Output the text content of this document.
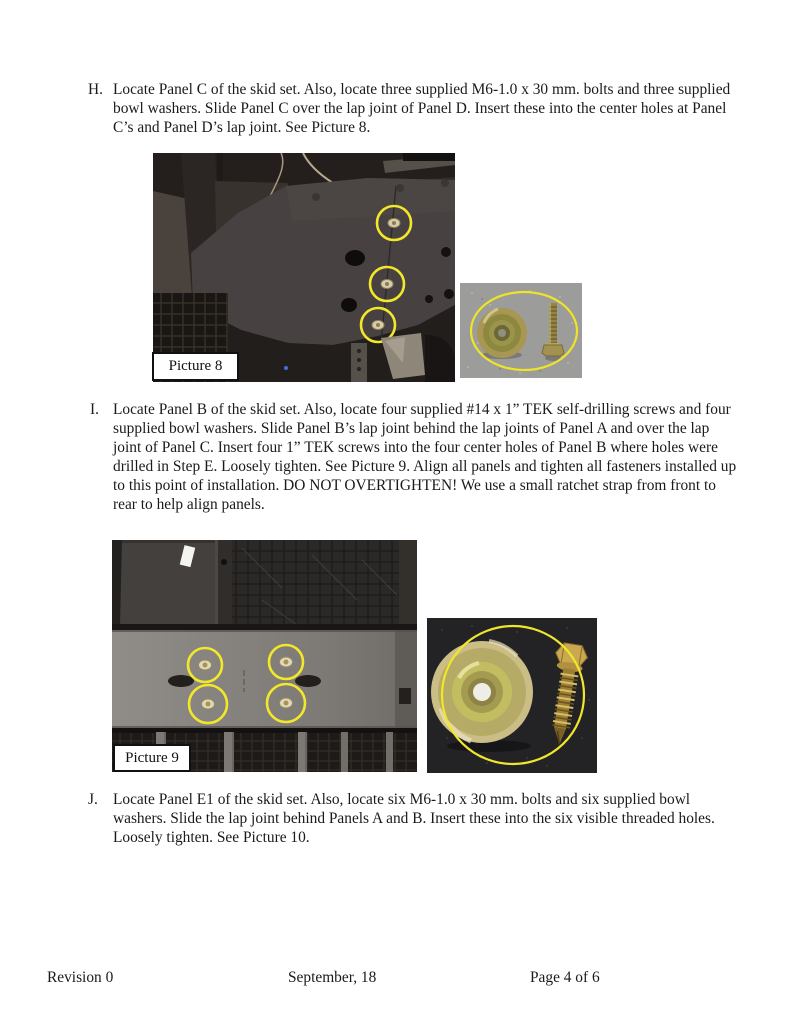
H. Locate Panel C of the skid set. Also, locate three supplied M6-1.0 x 30 mm. bolts and three supplied bowl washers. Slide Panel C over the lap joint of Panel D. Insert these into the center holes at Panel C’s and Panel D’s lap joint. See Picture 8.
Picture 8
I. Locate Panel B of the skid set. Also, locate four supplied #14 x 1” TEK self-drilling screws and four supplied bowl washers. Slide Panel B’s lap joint behind the lap joints of Panel A and over the lap joint of Panel C. Insert four 1” TEK screws into the four center holes of Panel B where holes were drilled in Step E. Loosely tighten. See Picture 9. Align all panels and tighten all fasteners installed up to this point of installation. DO NOT OVERTIGHTEN! We use a small ratchet strap from front to rear to help align panels.
Picture 9
J. Locate Panel E1 of the skid set. Also, locate six M6-1.0 x 30 mm. bolts and six supplied bowl washers. Slide the lap joint behind Panels A and B. Insert these into the six visible threaded holes. Loosely tighten. See Picture 10.
Revision 0	September, 18	Page 4 of 6
